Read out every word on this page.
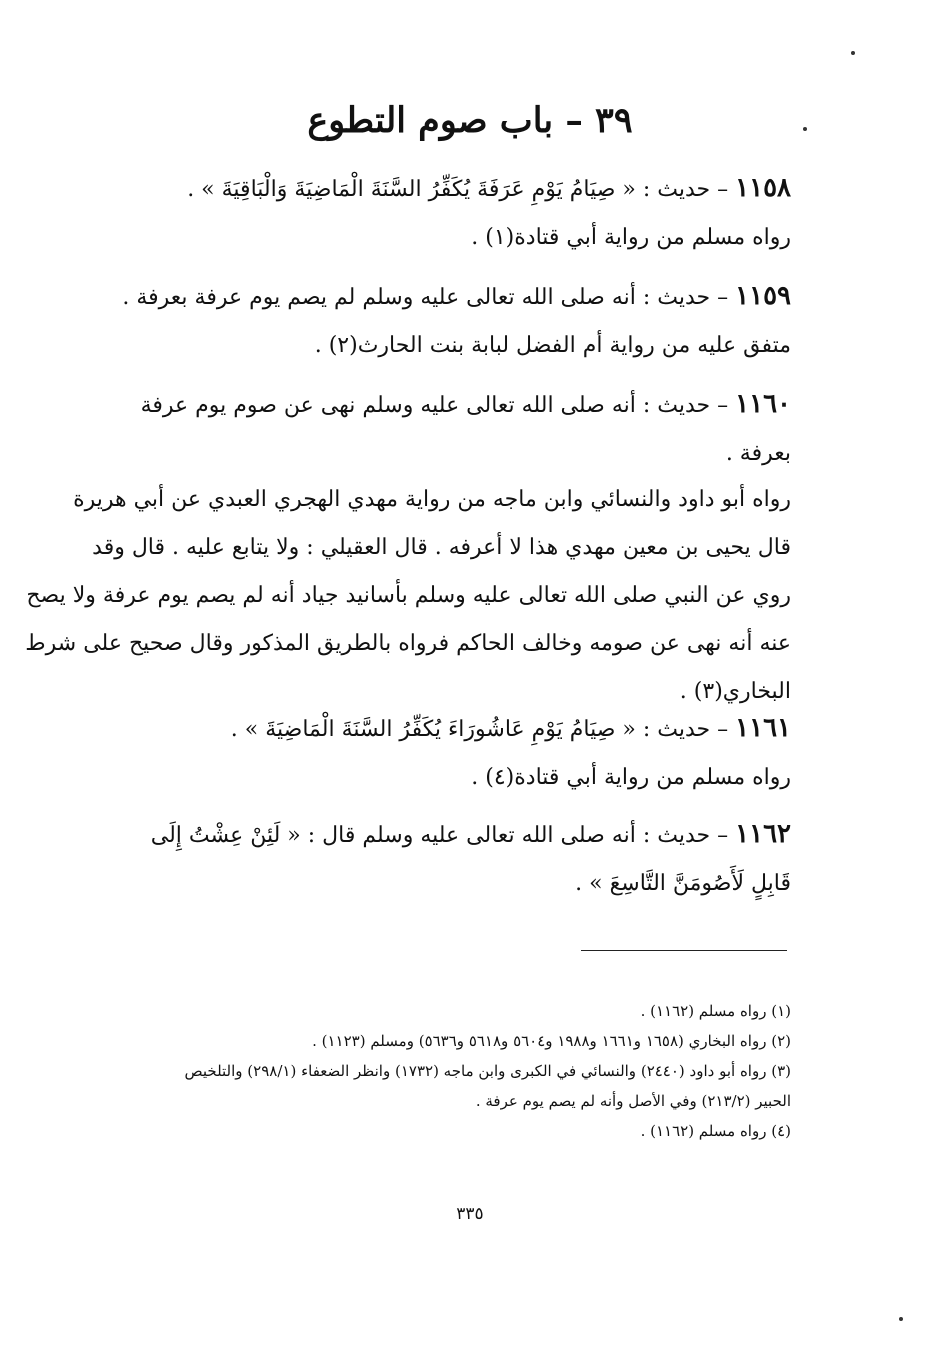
٣٩ – باب صوم التطوع
١١٥٨ – حديث : « صِيَامُ يَوْمِ عَرَفَةَ يُكَفِّرُ السَّنَةَ الْمَاضِيَةَ وَالْبَاقِيَةَ » .
رواه مسلم من رواية أبي قتادة(١) .
١١٥٩ – حديث : أنه صلى الله تعالى عليه وسلم لم يصم يوم عرفة بعرفة .
متفق عليه من رواية أم الفضل لبابة بنت الحارث(٢) .
١١٦٠ – حديث : أنه صلى الله تعالى عليه وسلم نهى عن صوم يوم عرفة
بعرفة .
رواه أبو داود والنسائي وابن ماجه من رواية مهدي الهجري العبدي عن أبي هريرة
قال يحيى بن معين مهدي هذا لا أعرفه . قال العقيلي : ولا يتابع عليه . قال وقد
روي عن النبي صلى الله تعالى عليه وسلم بأسانيد جياد أنه لم يصم يوم عرفة ولا يصح
عنه أنه نهى عن صومه وخالف الحاكم فرواه بالطريق المذكور وقال صحيح على شرط
البخاري(٣) .
١١٦١ – حديث : « صِيَامُ يَوْمِ عَاشُورَاءَ يُكَفِّرُ السَّنَةَ الْمَاضِيَةَ » .
رواه مسلم من رواية أبي قتادة(٤) .
١١٦٢ – حديث : أنه صلى الله تعالى عليه وسلم قال : « لَئِنْ عِشْتُ إِلَى
قَابِلٍ لَأَصُومَنَّ التَّاسِعَ » .
(١) رواه مسلم (١١٦٢) .
(٢) رواه البخاري (١٦٥٨ و١٦٦١ و١٩٨٨ و٥٦٠٤ و٥٦١٨ و٥٦٣٦) ومسلم (١١٢٣) .
(٣) رواه أبو داود (٢٤٤٠) والنسائي في الكبرى وابن ماجه (١٧٣٢) وانظر الضعفاء (٢٩٨/١) والتلخيص
الحبير (٢١٣/٢) وفي الأصل وأنه لم يصم يوم عرفة .
(٤) رواه مسلم (١١٦٢) .
٣٣٥
